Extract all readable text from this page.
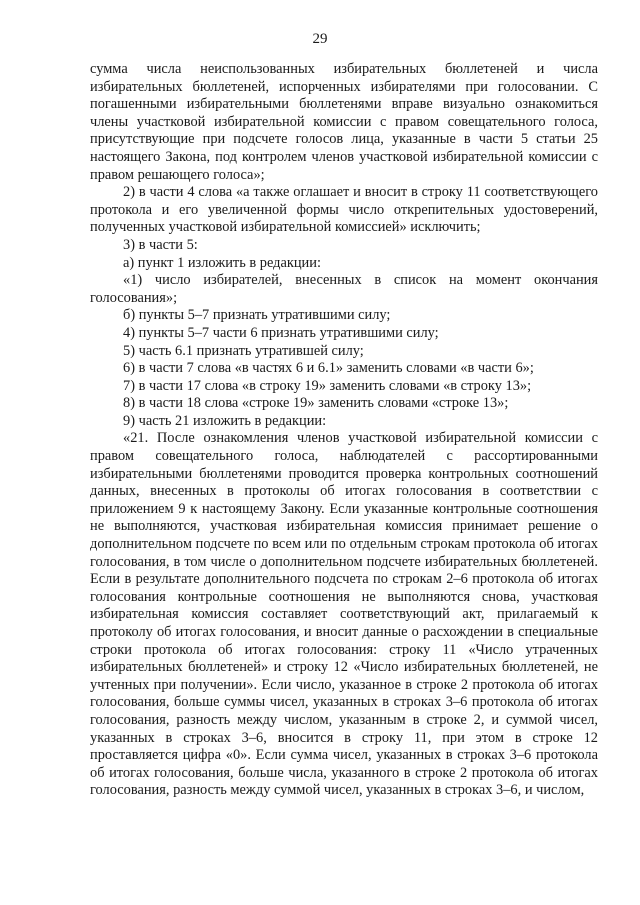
29

сумма числа неиспользованных избирательных бюллетеней и числа избирательных бюллетеней, испорченных избирателями при голосовании. С погашенными избирательными бюллетенями вправе визуально ознакомиться члены участковой избирательной комиссии с правом совещательного голоса, присутствующие при подсчете голосов лица, указанные в части 5 статьи 25 настоящего Закона, под контролем членов участковой избирательной комиссии с правом решающего голоса»;

2) в части 4 слова «а также оглашает и вносит в строку 11 соответствующего протокола и его увеличенной формы число открепительных удостоверений, полученных участковой избирательной комиссией» исключить;

3) в части 5:

а) пункт 1 изложить в редакции:

«1) число избирателей, внесенных в список на момент окончания голосования»;

б) пункты 5–7 признать утратившими силу;

4) пункты 5–7 части 6 признать утратившими силу;

5) часть 6.1 признать утратившей силу;

6) в части 7 слова «в частях 6 и 6.1» заменить словами «в части 6»;

7) в части 17 слова «в строку 19» заменить словами «в строку 13»;

8) в части 18 слова «строке 19» заменить словами «строке 13»;

9) часть 21 изложить в редакции:

«21. После ознакомления членов участковой избирательной комиссии с правом совещательного голоса, наблюдателей с рассортированными избирательными бюллетенями проводится проверка контрольных соотношений данных, внесенных в протоколы об итогах голосования в соответствии с приложением 9 к настоящему Закону. Если указанные контрольные соотношения не выполняются, участковая избирательная комиссия принимает решение о дополнительном подсчете по всем или по отдельным строкам протокола об итогах голосования, в том числе о дополнительном подсчете избирательных бюллетеней. Если в результате дополнительного подсчета по строкам 2–6 протокола об итогах голосования контрольные соотношения не выполняются снова, участковая избирательная комиссия составляет соответствующий акт, прилагаемый к протоколу об итогах голосования, и вносит данные о расхождении в специальные строки протокола об итогах голосования: строку 11 «Число утраченных избирательных бюллетеней» и строку 12 «Число избирательных бюллетеней, не учтенных при получении». Если число, указанное в строке 2 протокола об итогах голосования, больше суммы чисел, указанных в строках 3–6 протокола об итогах голосования, разность между числом, указанным в строке 2, и суммой чисел, указанных в строках 3–6, вносится в строку 11, при этом в строке 12 проставляется цифра «0». Если сумма чисел, указанных в строках 3–6 протокола об итогах голосования, больше числа, указанного в строке 2 протокола об итогах голосования, разность между суммой чисел, указанных в строках 3–6, и числом,
